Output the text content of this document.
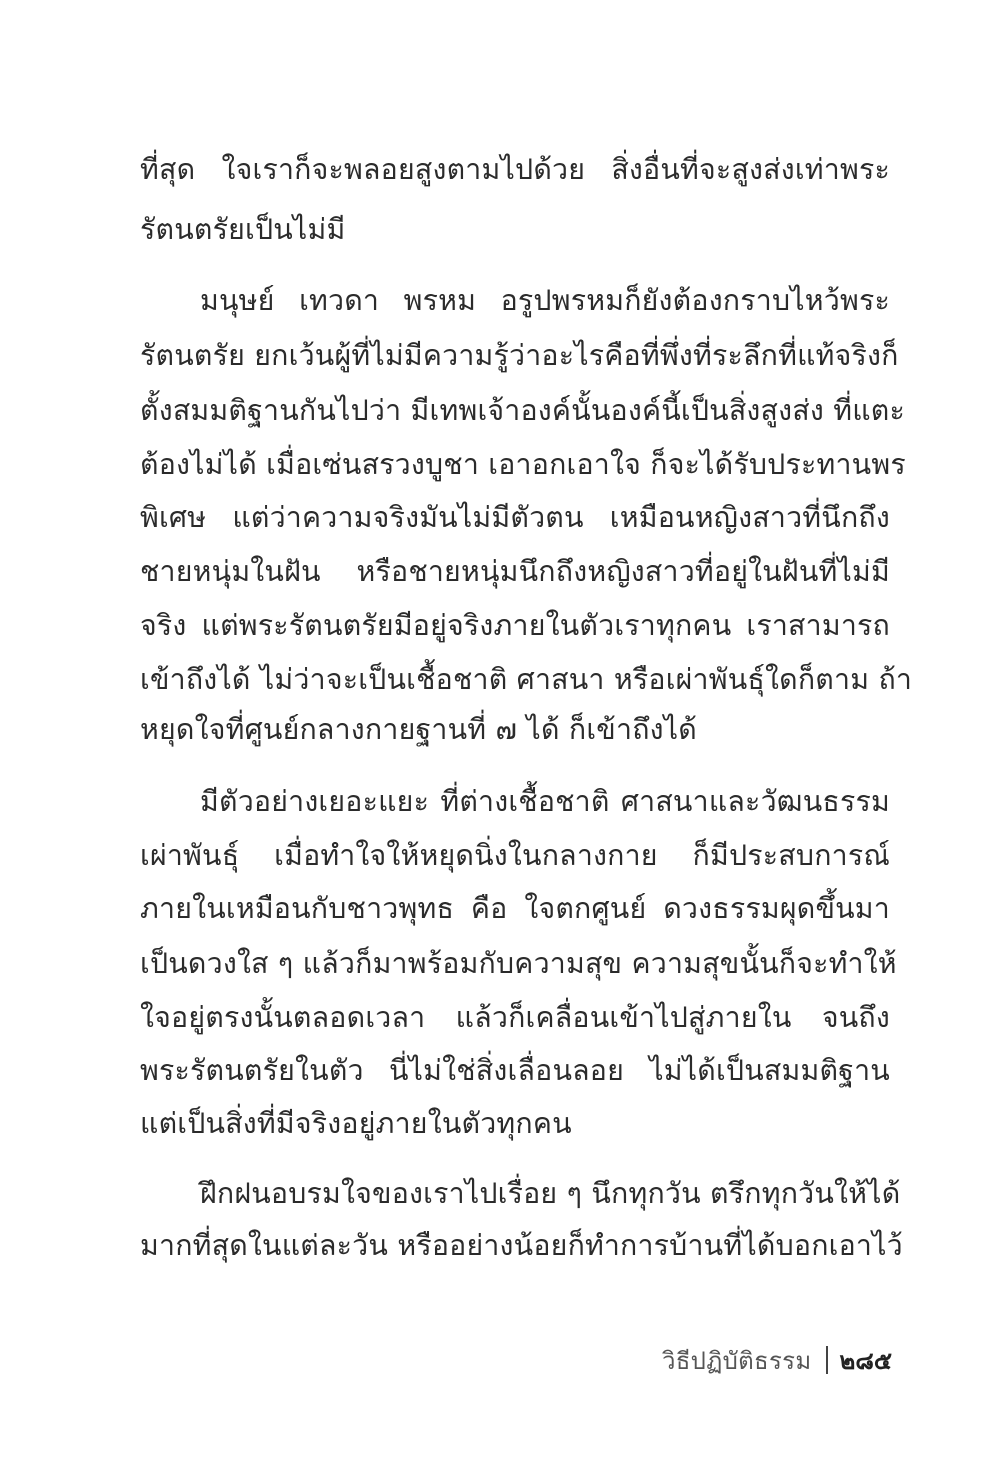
ที่สุด ใจเราก็จะพลอยสูงตามไปด้วย สิ่งอื่นที่จะสูงส่งเท่าพระ
รัตนตรัยเป็นไม่มี
มนุษย์ เทวดา พรหม อรูปพรหมก็ยังต้องกราบไหว้พระ
รัตนตรัย ยกเว้นผู้ที่ไม่มีความรู้ว่าอะไรคือที่พึ่งที่ระลึกที่แท้จริงก็
ตั้งสมมติฐานกันไปว่า มีเทพเจ้าองค์นั้นองค์นี้เป็นสิ่งสูงส่ง ที่แตะ
ต้องไม่ได้ เมื่อเซ่นสรวงบูชา เอาอกเอาใจ ก็จะได้รับประทานพร
พิเศษ แต่ว่าความจริงมันไม่มีตัวตน เหมือนหญิงสาวที่นึกถึง
ชายหนุ่มในฝัน หรือชายหนุ่มนึกถึงหญิงสาวที่อยู่ในฝันที่ไม่มี
จริง แต่พระรัตนตรัยมีอยู่จริงภายในตัวเราทุกคน เราสามารถ
เข้าถึงได้ ไม่ว่าจะเป็นเชื้อชาติ ศาสนา หรือเผ่าพันธุ์ใดก็ตาม ถ้า
หยุดใจที่ศูนย์กลางกายฐานที่ ๗ ได้ ก็เข้าถึงได้
มีตัวอย่างเยอะแยะ ที่ต่างเชื้อชาติ ศาสนาและวัฒนธรรม
เผ่าพันธุ์ เมื่อทำใจให้หยุดนิ่งในกลางกาย ก็มีประสบการณ์
ภายในเหมือนกับชาวพุทธ คือ ใจตกศูนย์ ดวงธรรมผุดขึ้นมา
เป็นดวงใส ๆ แล้วก็มาพร้อมกับความสุข ความสุขนั้นก็จะทำให้
ใจอยู่ตรงนั้นตลอดเวลา แล้วก็เคลื่อนเข้าไปสู่ภายใน จนถึง
พระรัตนตรัยในตัว นี่ไม่ใช่สิ่งเลื่อนลอย ไม่ได้เป็นสมมติฐาน
แต่เป็นสิ่งที่มีจริงอยู่ภายในตัวทุกคน
ฝึกฝนอบรมใจของเราไปเรื่อย ๆ นึกทุกวัน ตรึกทุกวันให้ได้
มากที่สุดในแต่ละวัน หรืออย่างน้อยก็ทำการบ้านที่ได้บอกเอาไว้
วิธีปฏิบัติธรรม ๒๘๕
